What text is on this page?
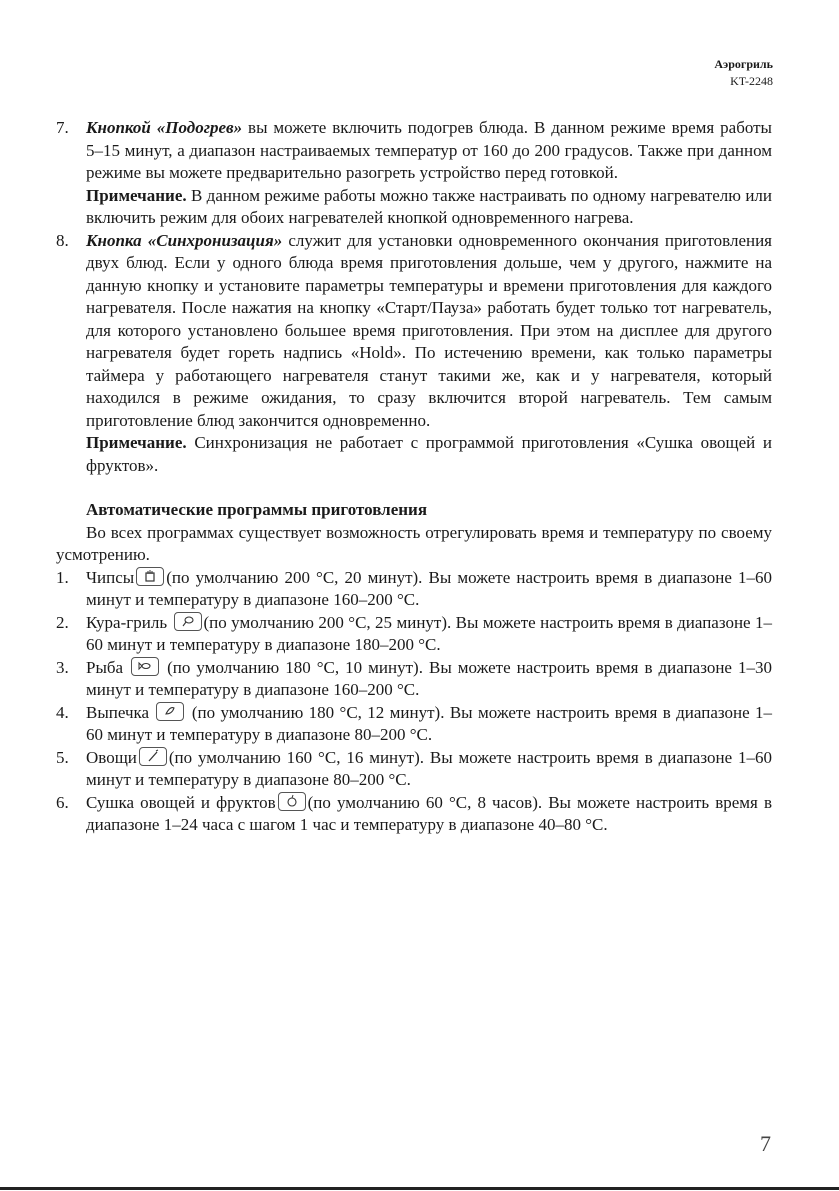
Аэрогриль
KT-2248
7.	Кнопкой «Подогрев» вы можете включить подогрев блюда. В данном режиме время работы 5–15 минут, а диапазон настраиваемых температур от 160 до 200 градусов. Также при данном режиме вы можете предварительно разогреть устройство перед готовкой.

Примечание. В данном режиме работы можно также настраивать по одному нагревателю или включить режим для обоих нагревателей кнопкой одновременного нагрева.

8.	Кнопка «Синхронизация» служит для установки одновременного окончания приготовления двух блюд. Если у одного блюда время приготовления дольше, чем у другого, нажмите на данную кнопку и установите параметры температуры и времени приготовления для каждого нагревателя. После нажатия на кнопку «Старт/Пауза» работать будет только тот нагреватель, для которого установлено большее время приготовления. При этом на дисплее для другого нагревателя будет гореть надпись «Hold». По истечению времени, как только параметры таймера у работающего нагревателя станут такими же, как и у нагревателя, который находился в режиме ожидания, то сразу включится второй нагреватель. Тем самым приготовление блюд закончится одновременно.

Примечание. Синхронизация не работает с программой приготовления «Сушка овощей и фруктов».

Автоматические программы приготовления

Во всех программах существует возможность отрегулировать время и температуру по своему усмотрению.

1.	Чипсы (по умолчанию 200 °C, 20 минут). Вы можете настроить время в диапазоне 1–60 минут и температуру в диапазоне 160–200 °C.
2.	Кура-гриль (по умолчанию 200 °C, 25 минут). Вы можете настроить время в диапазоне 1–60 минут и температуру в диапазоне 180–200 °C.
3.	Рыба
(по умолчанию 180 °C, 10 минут). Вы можете настроить время в диапазоне 1–30 минут и температуру в диапазоне 160–200 °C.
4.	Выпечка
(по умолчанию 180 °C, 12 минут). Вы можете настроить время в диапазоне 1–60 минут и температуру в диапазоне 80–200 °C.
5.	Овощи (по умолчанию 160 °C, 16 минут). Вы можете настроить время в диапазоне 1–60 минут и температуру в диапазоне 80–200 °C.
6.	Сушка овощей и фруктов (по умолчанию 60 °C, 8 часов). Вы можете настроить время в диапазоне 1–24 часа с шагом 1 час и температуру в диапазоне 40–80 °C.
7
